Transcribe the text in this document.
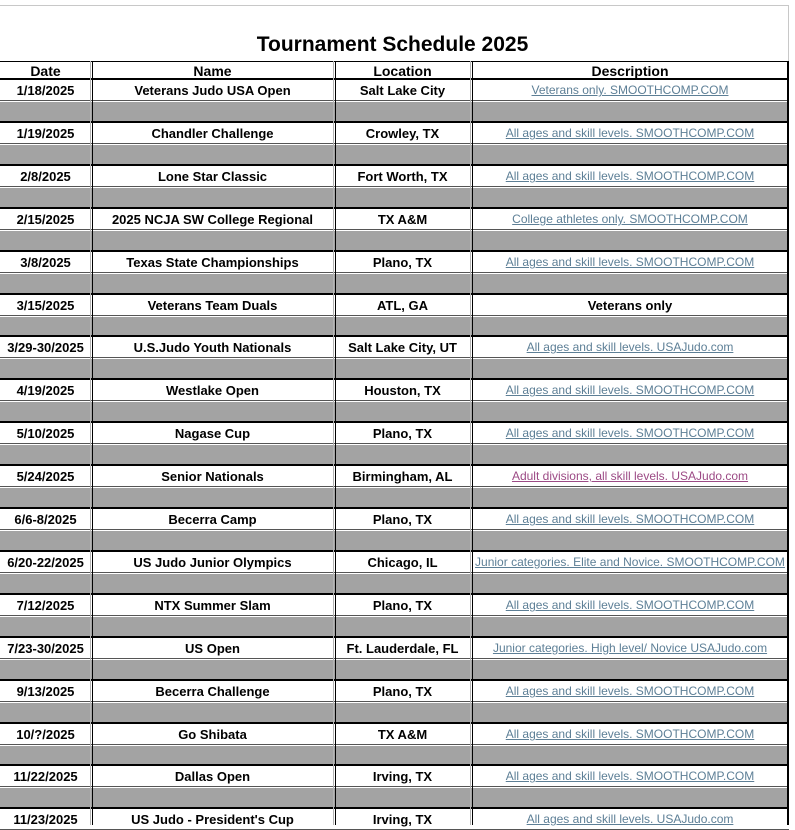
Tournament Schedule 2025
Date	Name	Location	Description
1/18/2025	Veterans Judo USA Open	Salt Lake City	Veterans only. SMOOTHCOMP.COM
1/19/2025	Chandler Challenge	Crowley, TX	All ages and skill levels. SMOOTHCOMP.COM
2/8/2025	Lone Star Classic	Fort Worth, TX	All ages and skill levels. SMOOTHCOMP.COM
2/15/2025	2025 NCJA SW College Regional	TX A&M	College athletes only. SMOOTHCOMP.COM
3/8/2025	Texas State Championships	Plano, TX	All ages and skill levels. SMOOTHCOMP.COM
3/15/2025	Veterans Team Duals	ATL, GA	Veterans only
3/29-30/2025	U.S.Judo Youth Nationals	Salt Lake City, UT	All ages and skill levels. USAJudo.com
4/19/2025	Westlake Open	Houston, TX	All ages and skill levels. SMOOTHCOMP.COM
5/10/2025	Nagase Cup	Plano, TX	All ages and skill levels. SMOOTHCOMP.COM
5/24/2025	Senior Nationals	Birmingham, AL	Adult divisions, all skill levels. USAJudo.com
6/6-8/2025	Becerra Camp	Plano, TX	All ages and skill levels. SMOOTHCOMP.COM
6/20-22/2025	US Judo Junior Olympics	Chicago, IL	Junior categories. Elite and Novice. SMOOTHCOMP.COM
7/12/2025	NTX Summer Slam	Plano, TX	All ages and skill levels. SMOOTHCOMP.COM
7/23-30/2025	US Open	Ft. Lauderdale, FL	Junior categories. High level/ Novice USAJudo.com
9/13/2025	Becerra Challenge	Plano, TX	All ages and skill levels. SMOOTHCOMP.COM
10/?/2025	Go Shibata	TX A&M	All ages and skill levels. SMOOTHCOMP.COM
11/22/2025	Dallas Open	Irving, TX	All ages and skill levels. SMOOTHCOMP.COM
11/23/2025	US Judo - President's Cup	Irving, TX	All ages and skill levels. USAJudo.com
